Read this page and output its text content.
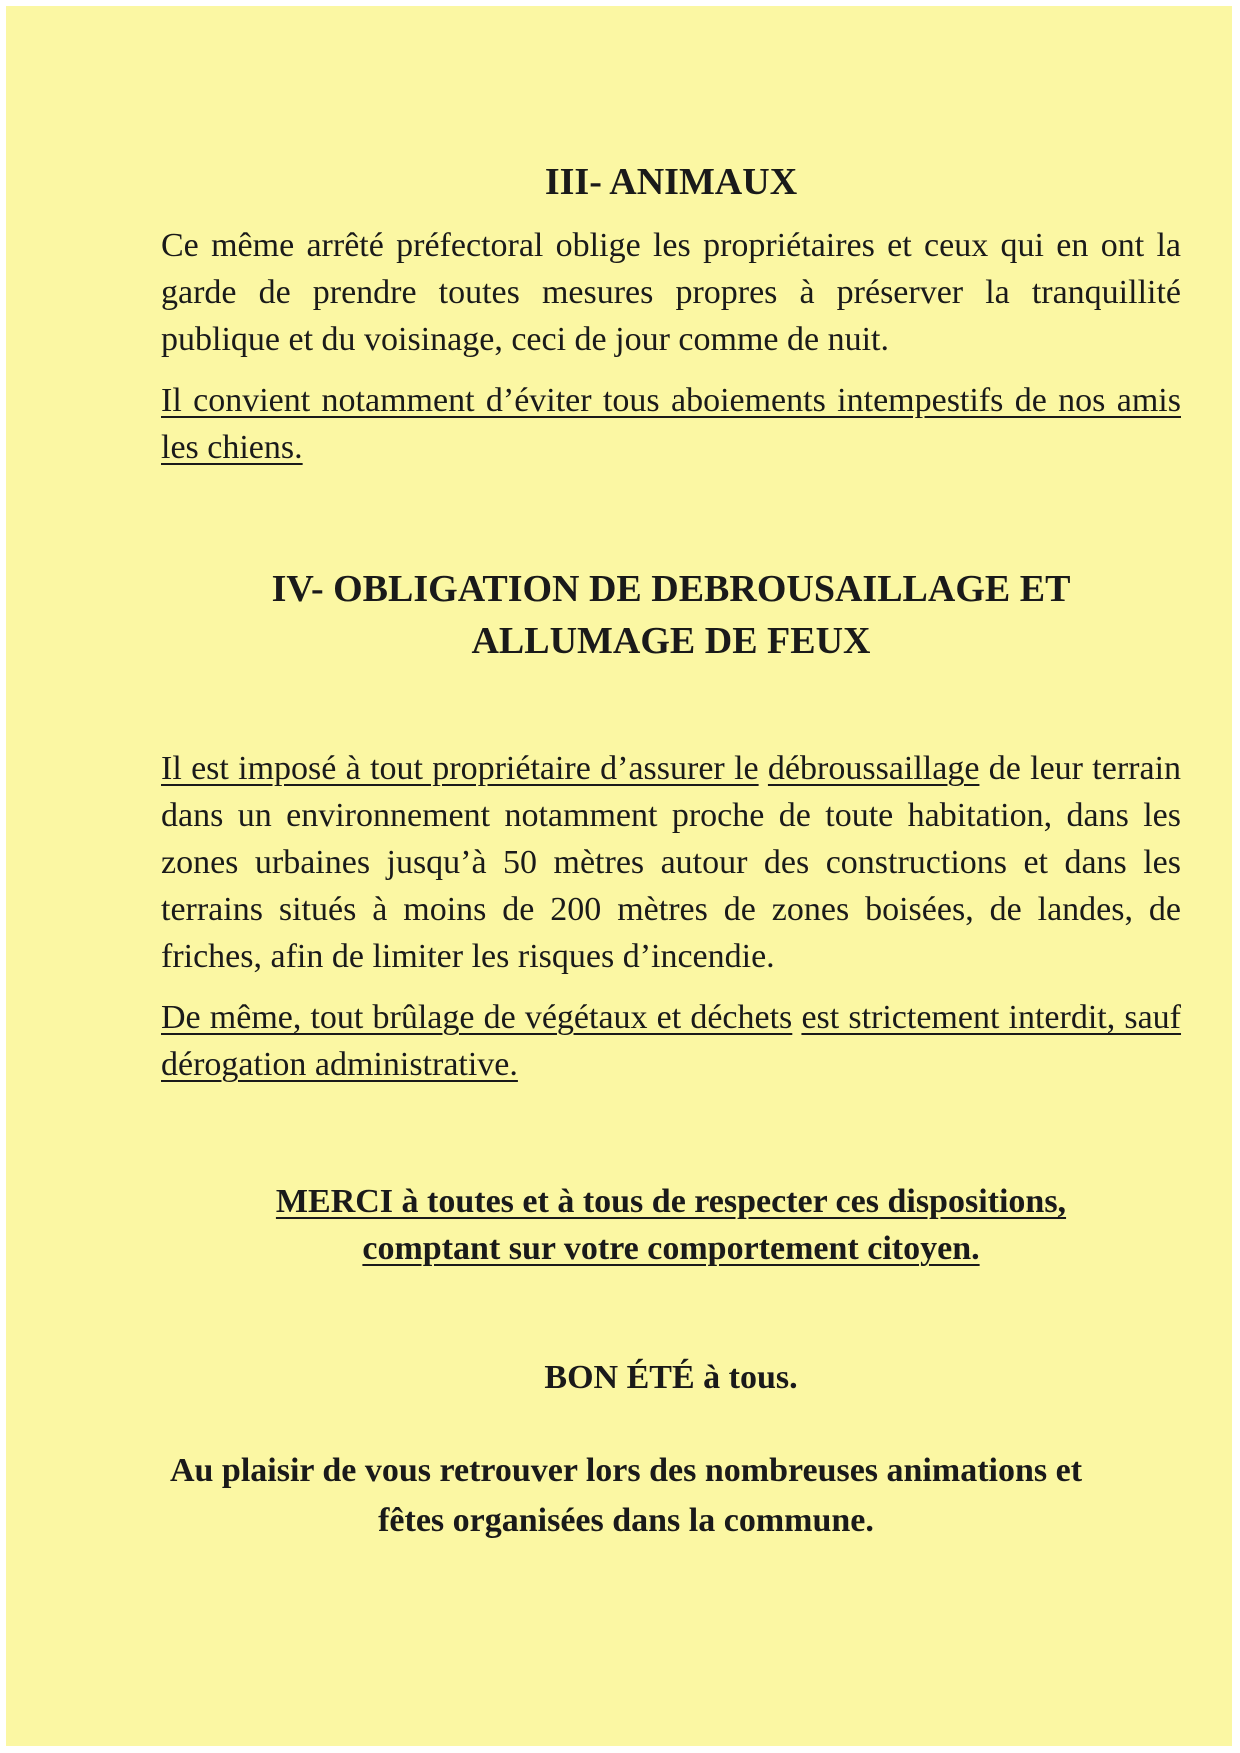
III- ANIMAUX

Ce même arrêté préfectoral oblige les propriétaires et ceux qui en ont la garde de prendre toutes mesures propres à préserver la tranquillité publique et du voisinage, ceci de jour comme de nuit.

Il convient notamment d’éviter tous aboiements intempestifs de nos amis les chiens.

IV- OBLIGATION DE DEBROUSAILLAGE ET
ALLUMAGE DE FEUX

Il est imposé à tout propriétaire d’assurer le débroussaillage de leur terrain dans un environnement notamment proche de toute habitation, dans les zones urbaines jusqu’à 50 mètres autour des constructions et dans les terrains situés à moins de 200 mètres de zones boisées, de landes, de friches, afin de limiter les risques d’incendie.

De même, tout brûlage de végétaux et déchets est strictement interdit, sauf dérogation administrative.

MERCI à toutes et à tous de respecter ces dispositions,
comptant sur votre comportement citoyen.

BON ÉTÉ à tous.

Au plaisir de vous retrouver lors des nombreuses animations et
fêtes organisées dans la commune.
